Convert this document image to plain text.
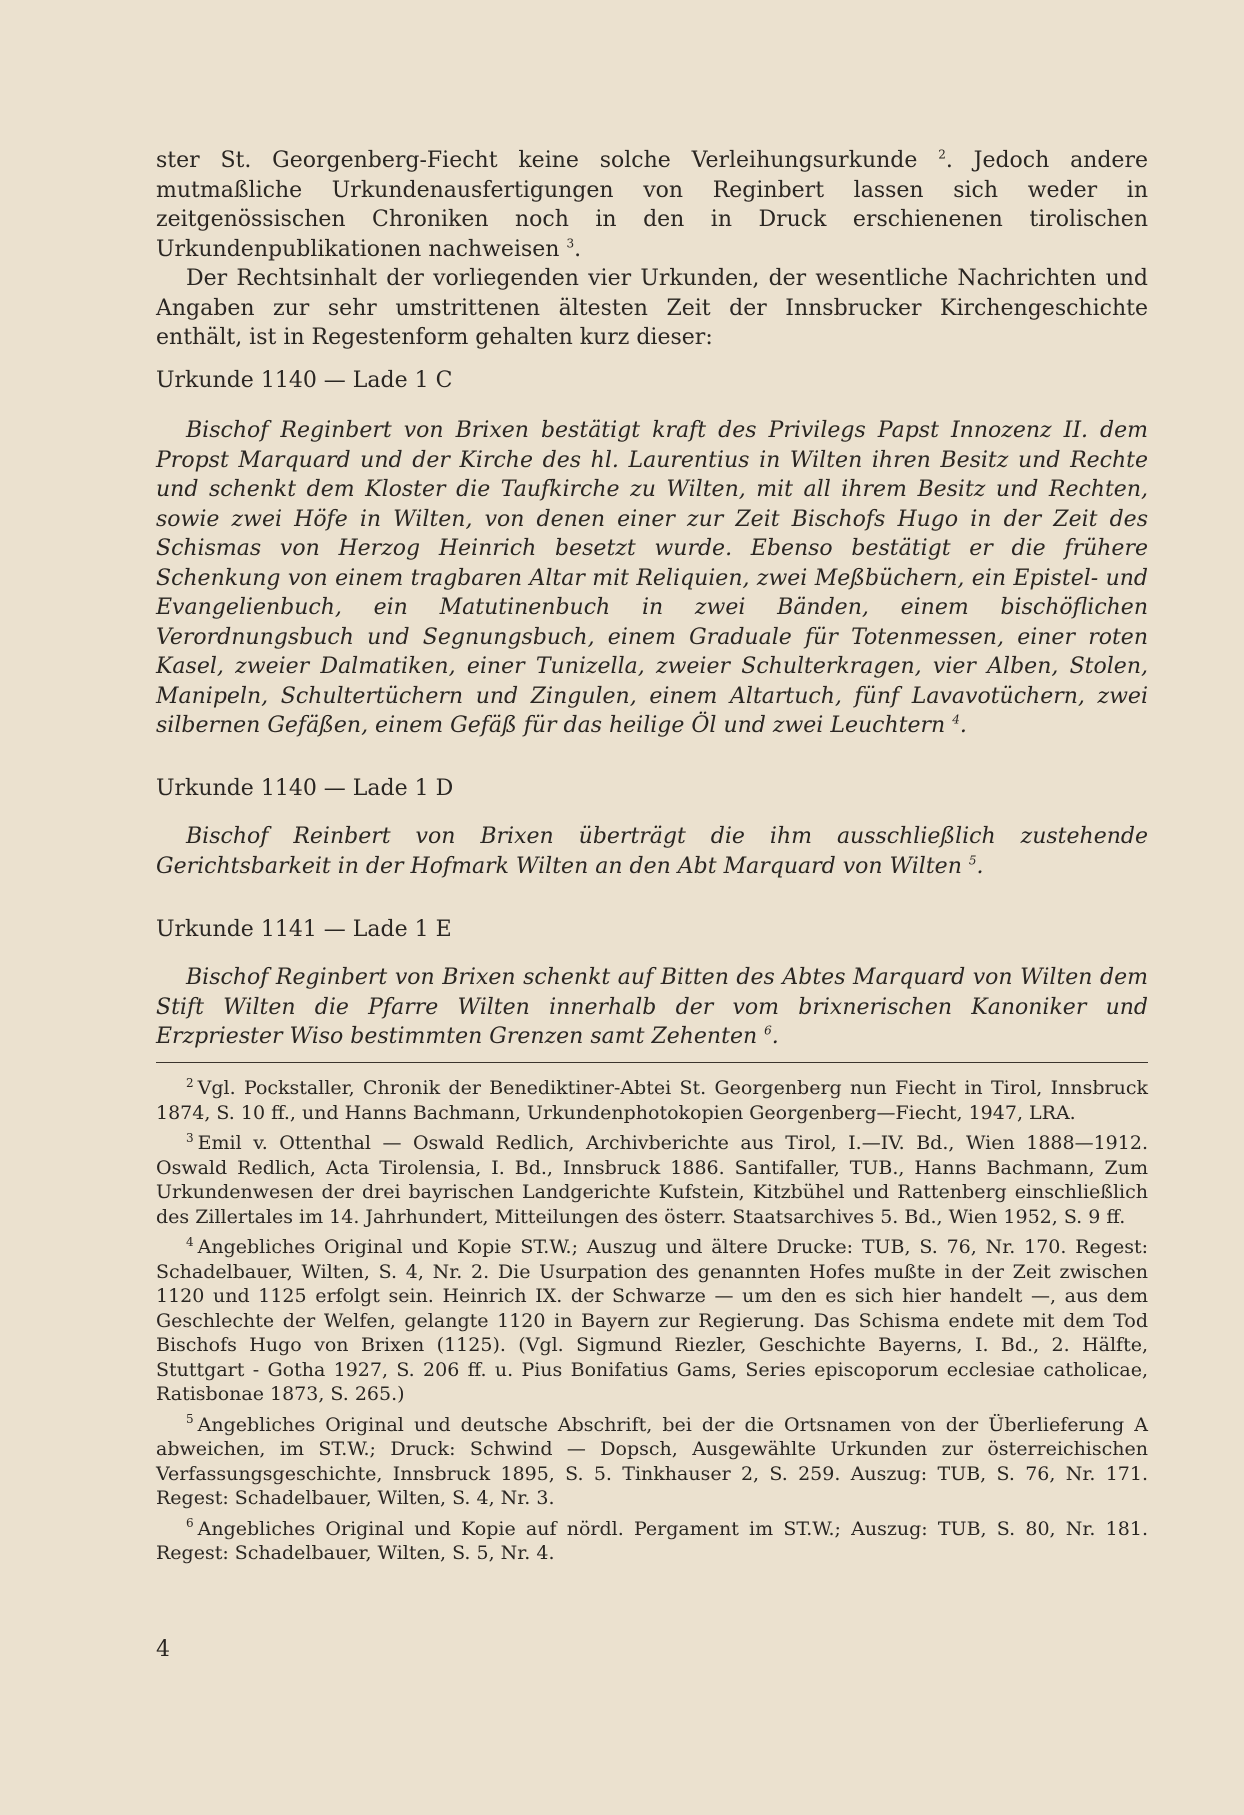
ster St. Georgenberg-Fiecht keine solche Verleihungsurkunde $^2$. Jedoch andere mutmaßliche Urkundenausfertigungen von Reginbert lassen sich weder in zeitgenössischen Chroniken noch in den in Druck erschienenen tirolischen Urkundenpublikationen nachweisen $^3$.

Der Rechtsinhalt der vorliegenden vier Urkunden, der wesentliche Nachrichten und Angaben zur sehr umstrittenen ältesten Zeit der Innsbrucker Kirchengeschichte enthält, ist in Regestenform gehalten kurz dieser:

Urkunde 1140 — Lade 1 C

Bischof Reginbert von Brixen bestätigt kraft des Privilegs Papst Innozenz II. dem Propst Marquard und der Kirche des hl. Laurentius in Wilten ihren Besitz und Rechte und schenkt dem Kloster die Taufkirche zu Wilten, mit all ihrem Besitz und Rechten, sowie zwei Höfe in Wilten, von denen einer zur Zeit Bischofs Hugo in der Zeit des Schismas von Herzog Heinrich besetzt wurde. Ebenso bestätigt er die frühere Schenkung von einem tragbaren Altar mit Reliquien, zwei Meßbüchern, ein Epistel- und Evangelienbuch, ein Matutinenbuch in zwei Bänden, einem bischöflichen Verordnungsbuch und Segnungsbuch, einem Graduale für Totenmessen, einer roten Kasel, zweier Dalmatiken, einer Tunizella, zweier Schulterkragen, vier Alben, Stolen, Manipeln, Schultertüchern und Zingulen, einem Altartuch, fünf Lavavotüchern, zwei silbernen Gefäßen, einem Gefäß für das heilige Öl und zwei Leuchtern $^4$.

Urkunde 1140 — Lade 1 D

Bischof Reinbert von Brixen überträgt die ihm ausschließlich zustehende Gerichtsbarkeit in der Hofmark Wilten an den Abt Marquard von Wilten $^5$.

Urkunde 1141 — Lade 1 E

Bischof Reginbert von Brixen schenkt auf Bitten des Abtes Marquard von Wilten dem Stift Wilten die Pfarre Wilten innerhalb der vom brixnerischen Kanoniker und Erzpriester Wiso bestimmten Grenzen samt Zehenten $^6$.

$^2$ Vgl. Pockstaller, Chronik der Benediktiner-Abtei St. Georgenberg nun Fiecht in Tirol, Innsbruck 1874, S. 10 ff., und Hanns Bachmann, Urkundenphotokopien Georgenberg—Fiecht, 1947, LRA.

$^3$ Emil v. Ottenthal — Oswald Redlich, Archivberichte aus Tirol, I.—IV. Bd., Wien 1888—1912. Oswald Redlich, Acta Tirolensia, I. Bd., Innsbruck 1886. Santifaller, TUB., Hanns Bachmann, Zum Urkundenwesen der drei bayrischen Landgerichte Kufstein, Kitzbühel und Rattenberg einschließlich des Zillertales im 14. Jahrhundert, Mitteilungen des österr. Staatsarchives 5. Bd., Wien 1952, S. 9 ff.

$^4$ Angebliches Original und Kopie ST.W.; Auszug und ältere Drucke: TUB, S. 76, Nr. 170. Regest: Schadelbauer, Wilten, S. 4, Nr. 2. Die Usurpation des genannten Hofes mußte in der Zeit zwischen 1120 und 1125 erfolgt sein. Heinrich IX. der Schwarze — um den es sich hier handelt —, aus dem Geschlechte der Welfen, gelangte 1120 in Bayern zur Regierung. Das Schisma endete mit dem Tod Bischofs Hugo von Brixen (1125). (Vgl. Sigmund Riezler, Geschichte Bayerns, I. Bd., 2. Hälfte, Stuttgart - Gotha 1927, S. 206 ff. u. Pius Bonifatius Gams, Series episcoporum ecclesiae catholicae, Ratisbonae 1873, S. 265.)

$^5$ Angebliches Original und deutsche Abschrift, bei der die Ortsnamen von der Überlieferung A abweichen, im ST.W.; Druck: Schwind — Dopsch, Ausgewählte Urkunden zur österreichischen Verfassungsgeschichte, Innsbruck 1895, S. 5. Tinkhauser 2, S. 259. Auszug: TUB, S. 76, Nr. 171. Regest: Schadelbauer, Wilten, S. 4, Nr. 3.

$^6$ Angebliches Original und Kopie auf nördl. Pergament im ST.W.; Auszug: TUB, S. 80, Nr. 181. Regest: Schadelbauer, Wilten, S. 5, Nr. 4.

4
